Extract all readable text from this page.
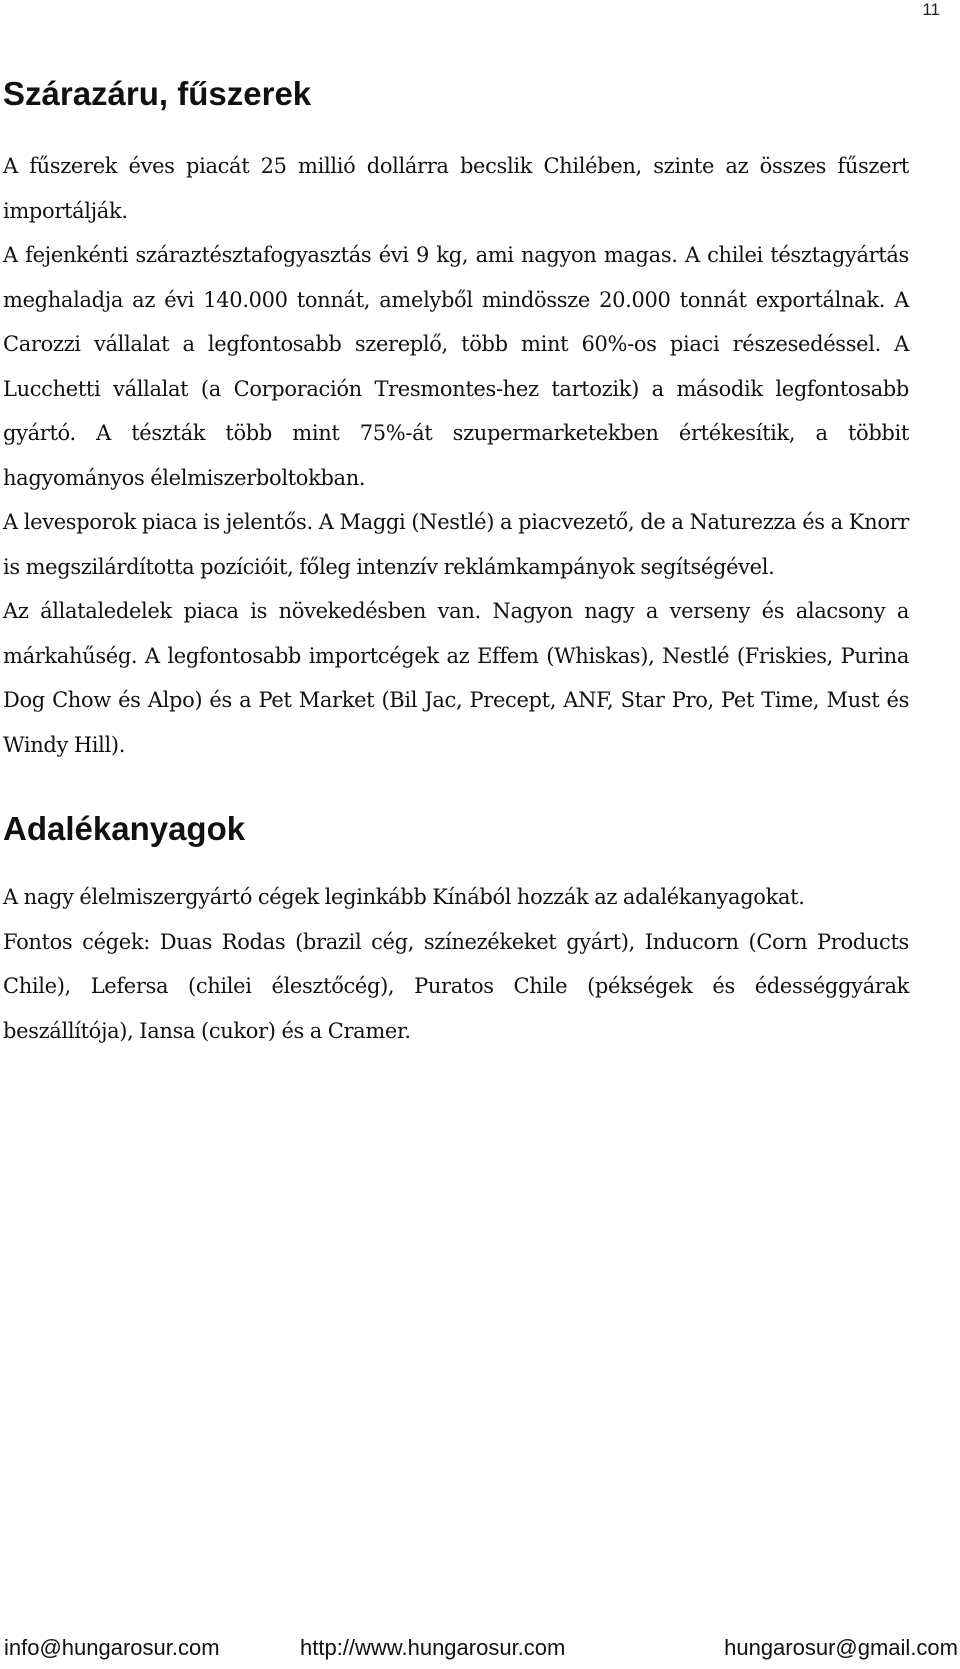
11
Szárazáru, fűszerek

A fűszerek éves piacát 25 millió dollárra becslik Chilében, szinte az összes fűszert importálják.

A fejenkénti száraztésztafogyasztás évi 9 kg, ami nagyon magas. A chilei tésztagyártás meghaladja az évi 140.000 tonnát, amelyből mindössze 20.000 tonnát exportálnak. A Carozzi vállalat a legfontosabb szereplő, több mint 60%-os piaci részesedéssel. A Lucchetti vállalat (a Corporación Tresmontes-hez tartozik) a második legfontosabb gyártó. A tészták több mint 75%-át szupermarketekben értékesítik, a többit hagyományos élelmiszerboltokban.

A levesporok piaca is jelentős. A Maggi (Nestlé) a piacvezető, de a Naturezza és a Knorr is megszilárdította pozícióit, főleg intenzív reklámkampányok segítségével.

Az állataledelek piaca is növekedésben van. Nagyon nagy a verseny és alacsony a márkahűség. A legfontosabb importcégek az Effem (Whiskas), Nestlé (Friskies, Purina Dog Chow és Alpo) és a Pet Market (Bil Jac, Precept, ANF, Star Pro, Pet Time, Must és Windy Hill).

Adalékanyagok

A nagy élelmiszergyártó cégek leginkább Kínából hozzák az adalékanyagokat.

Fontos cégek: Duas Rodas (brazil cég, színezékeket gyárt), Inducorn (Corn Products Chile), Lefersa (chilei élesztőcég), Puratos Chile (pékségek és édességgyárak beszállítója), Iansa (cukor) és a Cramer.

info@hungarosur.com	http://www.hungarosur.com	hungarosur@gmail.com
